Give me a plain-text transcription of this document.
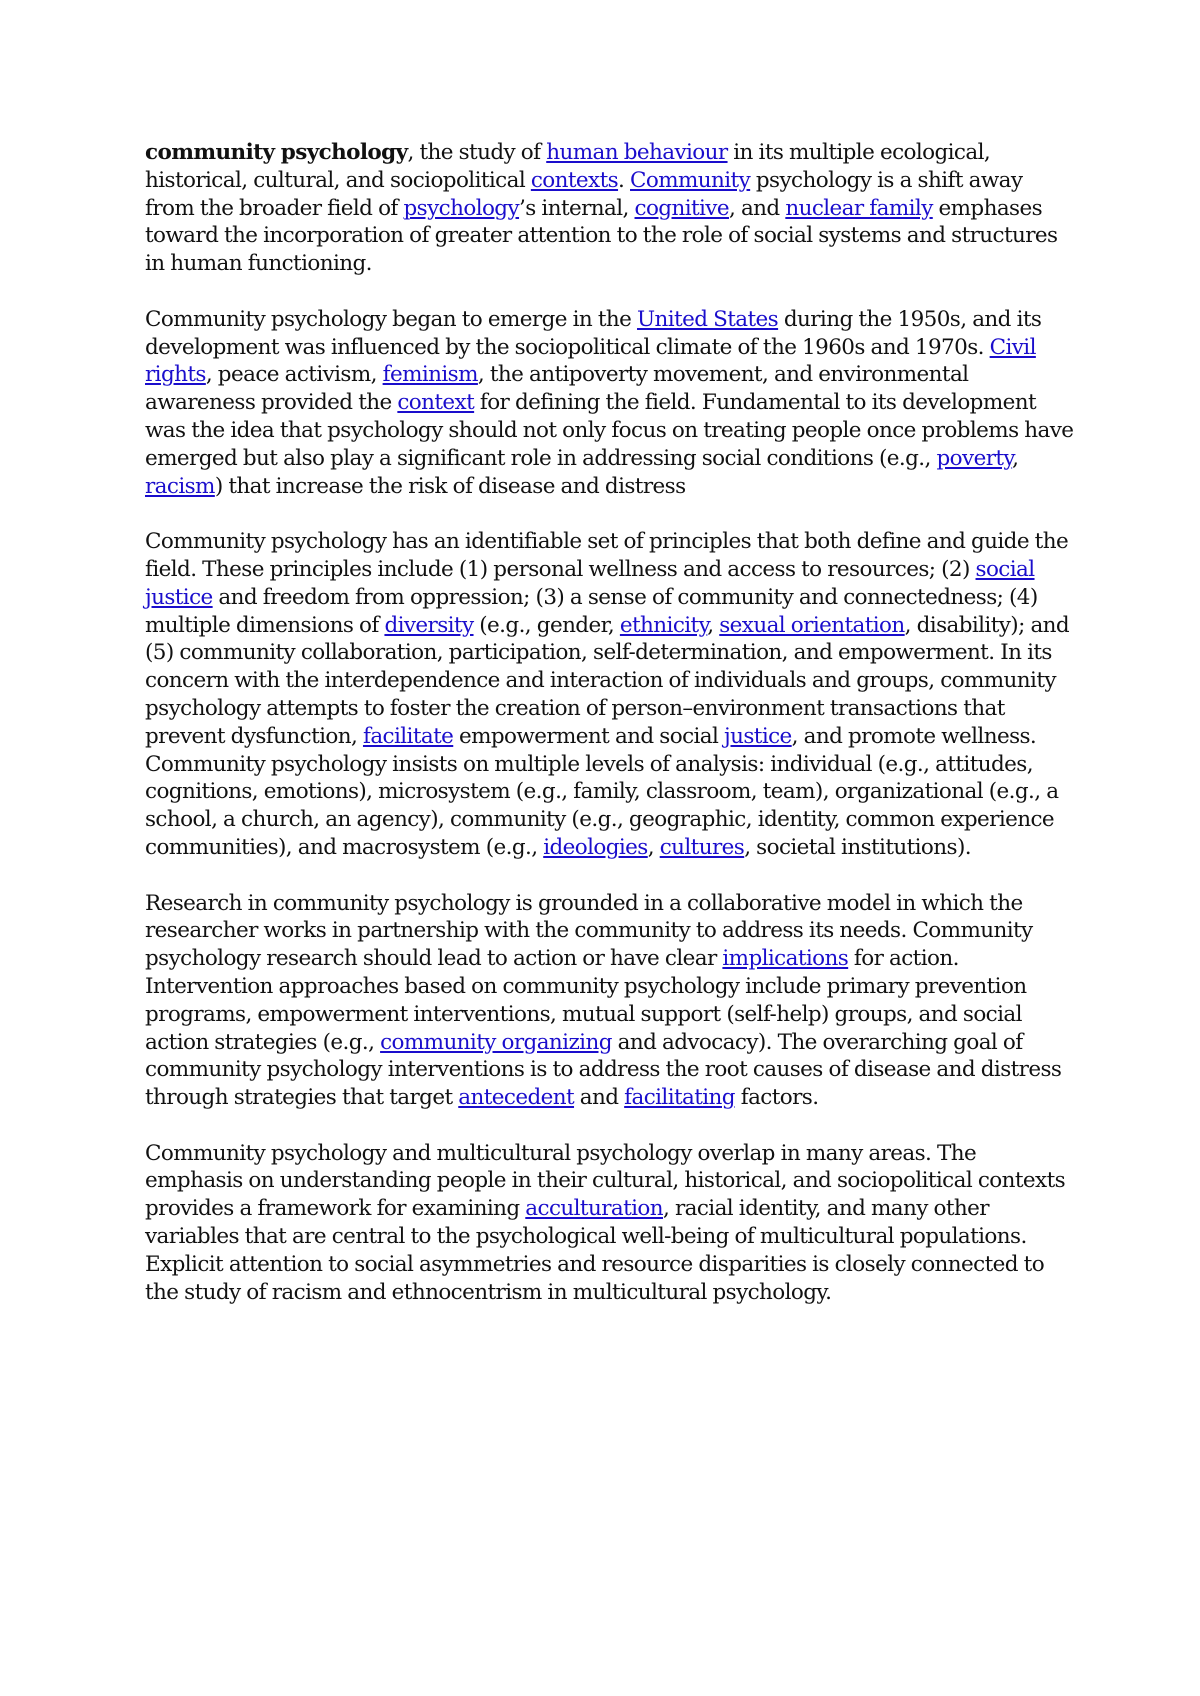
community psychology, the study of human behaviour in its multiple ecological, historical, cultural, and sociopolitical contexts. Community psychology is a shift away from the broader field of psychology’s internal, cognitive, and nuclear family emphases toward the incorporation of greater attention to the role of social systems and structures in human functioning.

Community psychology began to emerge in the United States during the 1950s, and its development was influenced by the sociopolitical climate of the 1960s and 1970s. Civil rights, peace activism, feminism, the antipoverty movement, and environmental awareness provided the context for defining the field. Fundamental to its development was the idea that psychology should not only focus on treating people once problems have emerged but also play a significant role in addressing social conditions (e.g., poverty, racism) that increase the risk of disease and distress

Community psychology has an identifiable set of principles that both define and guide the field. These principles include (1) personal wellness and access to resources; (2) social justice and freedom from oppression; (3) a sense of community and connectedness; (4) multiple dimensions of diversity (e.g., gender, ethnicity, sexual orientation, disability); and (5) community collaboration, participation, self-determination, and empowerment. In its concern with the interdependence and interaction of individuals and groups, community psychology attempts to foster the creation of person–environment transactions that prevent dysfunction, facilitate empowerment and social justice, and promote wellness. Community psychology insists on multiple levels of analysis: individual (e.g., attitudes, cognitions, emotions), microsystem (e.g., family, classroom, team), organizational (e.g., a school, a church, an agency), community (e.g., geographic, identity, common experience communities), and macrosystem (e.g., ideologies, cultures, societal institutions).

Research in community psychology is grounded in a collaborative model in which the researcher works in partnership with the community to address its needs. Community psychology research should lead to action or have clear implications for action. Intervention approaches based on community psychology include primary prevention programs, empowerment interventions, mutual support (self-help) groups, and social action strategies (e.g., community organizing and advocacy). The overarching goal of community psychology interventions is to address the root causes of disease and distress through strategies that target antecedent and facilitating factors.

Community psychology and multicultural psychology overlap in many areas. The emphasis on understanding people in their cultural, historical, and sociopolitical contexts provides a framework for examining acculturation, racial identity, and many other variables that are central to the psychological well-being of multicultural populations. Explicit attention to social asymmetries and resource disparities is closely connected to the study of racism and ethnocentrism in multicultural psychology.
